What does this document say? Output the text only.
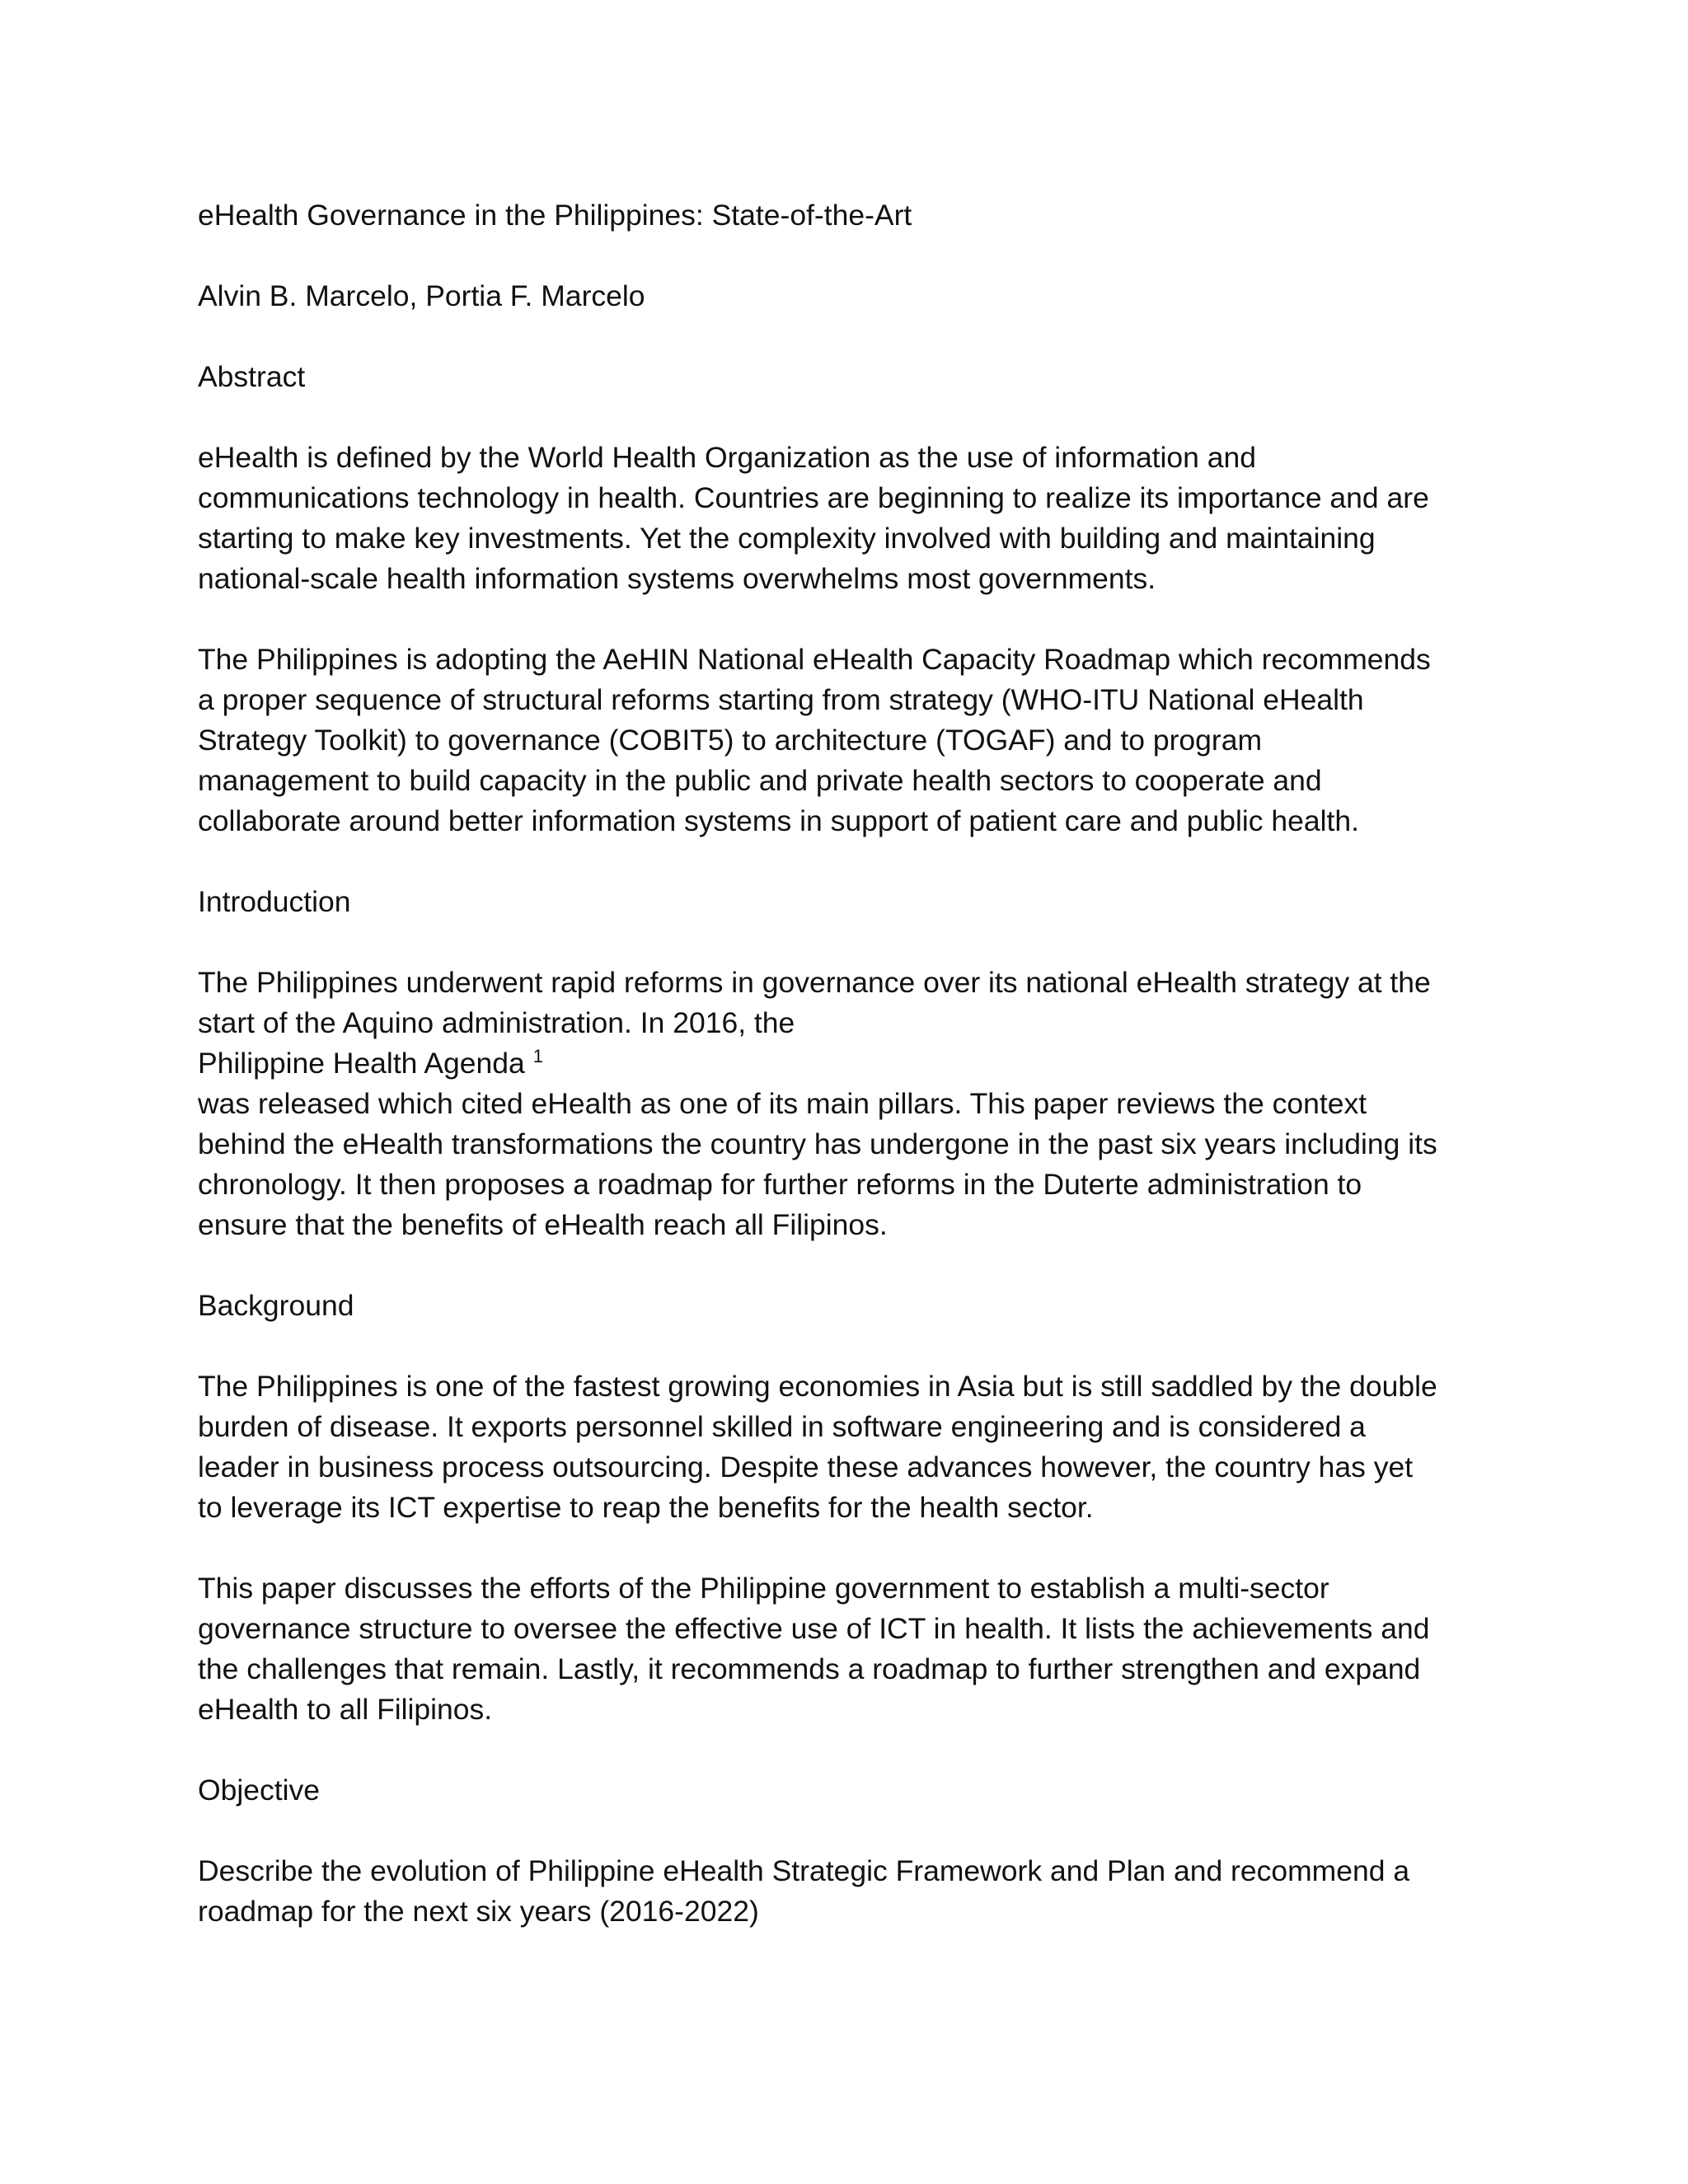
eHealth Governance in the Philippines: State-of-the-Art
Alvin B. Marcelo, Portia F. Marcelo
Abstract
eHealth is defined by the World Health Organization as the use of information and
communications technology in health. Countries are beginning to realize its importance and are
starting to make key investments. Yet the complexity involved with building and maintaining
national-scale health information systems overwhelms most governments.
The Philippines is adopting the AeHIN National eHealth Capacity Roadmap which recommends
a proper sequence of structural reforms starting from strategy (WHO-ITU National eHealth
Strategy Toolkit) to governance (COBIT5) to architecture (TOGAF) and to program
management to build capacity in the public and private health sectors to cooperate and
collaborate around better information systems in support of patient care and public health.
Introduction
The Philippines underwent rapid reforms in governance over its national eHealth strategy at the
start of the Aquino administration. In 2016, the
Philippine Health Agenda $^1$
was released which cited eHealth as one of its main pillars. This paper reviews the context
behind the eHealth transformations the country has undergone in the past six years including its
chronology. It then proposes a roadmap for further reforms in the Duterte administration to
ensure that the benefits of eHealth reach all Filipinos.
Background
The Philippines is one of the fastest growing economies in Asia but is still saddled by the double
burden of disease. It exports personnel skilled in software engineering and is considered a
leader in business process outsourcing. Despite these advances however, the country has yet
to leverage its ICT expertise to reap the benefits for the health sector.
This paper discusses the efforts of the Philippine government to establish a multi-sector
governance structure to oversee the effective use of ICT in health. It lists the achievements and
the challenges that remain. Lastly, it recommends a roadmap to further strengthen and expand
eHealth to all Filipinos.
Objective
Describe the evolution of Philippine eHealth Strategic Framework and Plan and recommend a
roadmap for the next six years (2016-2022)
